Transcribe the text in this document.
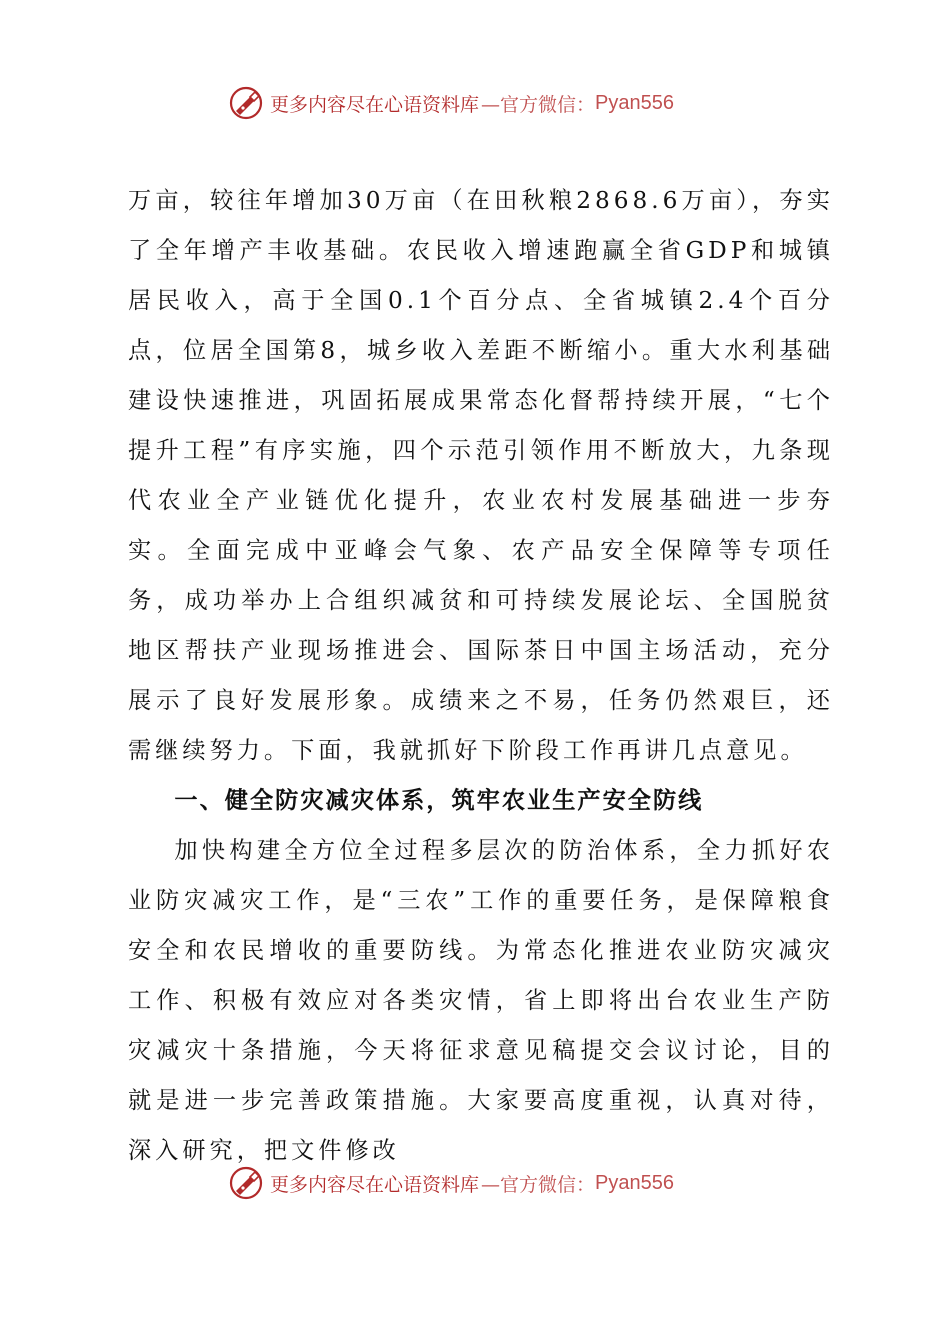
更多内容尽在心语资料库 —官方微信： Pyan556

万亩，较往年增加30万亩（在田秋粮2868.6万亩），夯实了全年增产丰收基础。农民收入增速跑赢全省GDP和城镇居民收入，高于全国0.1个百分点、全省城镇2.4个百分点，位居全国第8，城乡收入差距不断缩小。重大水利基础建设快速推进，巩固拓展成果常态化督帮持续开展，“七个提升工程”有序实施，四个示范引领作用不断放大，九条现代农业全产业链优化提升，农业农村发展基础进一步夯实。全面完成中亚峰会气象、农产品安全保障等专项任务，成功举办上合组织减贫和可持续发展论坛、全国脱贫地区帮扶产业现场推进会、国际茶日中国主场活动，充分展示了良好发展形象。成绩来之不易，任务仍然艰巨，还需继续努力。下面，我就抓好下阶段工作再讲几点意见。

一、健全防灾减灾体系，筑牢农业生产安全防线

加快构建全方位全过程多层次的防治体系，全力抓好农业防灾减灾工作，是“三农”工作的重要任务，是保障粮食安全和农民增收的重要防线。为常态化推进农业防灾减灾工作、积极有效应对各类灾情，省上即将出台农业生产防灾减灾十条措施，今天将征求意见稿提交会议讨论，目的就是进一步完善政策措施。大家要高度重视，认真对待，深入研究，把文件修改

更多内容尽在心语资料库 —官方微信： Pyan556
